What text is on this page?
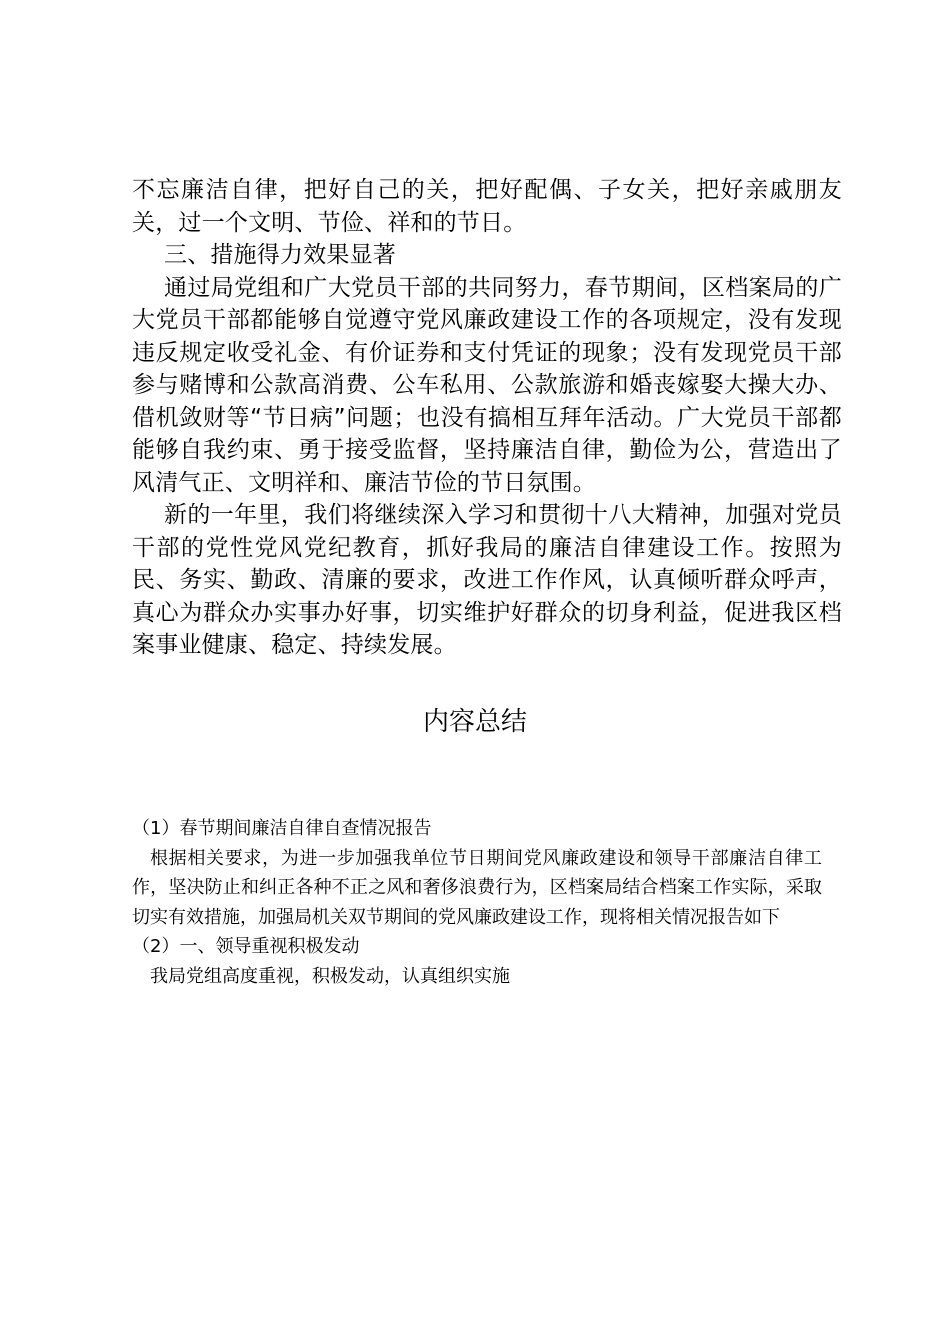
不忘廉洁自律，把好自己的关，把好配偶、子女关，把好亲戚朋友关，过一个文明、节俭、祥和的节日。

三、措施得力效果显著

通过局党组和广大党员干部的共同努力，春节期间，区档案局的广大党员干部都能够自觉遵守党风廉政建设工作的各项规定，没有发现违反规定收受礼金、有价证券和支付凭证的现象；没有发现党员干部参与赌博和公款高消费、公车私用、公款旅游和婚丧嫁娶大操大办、借机敛财等“节日病”问题；也没有搞相互拜年活动。广大党员干部都能够自我约束、勇于接受监督，坚持廉洁自律，勤俭为公，营造出了风清气正、文明祥和、廉洁节俭的节日氛围。

新的一年里，我们将继续深入学习和贯彻十八大精神，加强对党员干部的党性党风党纪教育，抓好我局的廉洁自律建设工作。按照为民、务实、勤政、清廉的要求，改进工作作风，认真倾听群众呼声，真心为群众办实事办好事，切实维护好群众的切身利益，促进我区档案事业健康、稳定、持续发展。

内容总结

（1）春节期间廉洁自律自查情况报告

根据相关要求，为进一步加强我单位节日期间党风廉政建设和领导干部廉洁自律工作，坚决防止和纠正各种不正之风和奢侈浪费行为，区档案局结合档案工作实际，采取切实有效措施，加强局机关双节期间的党风廉政建设工作，现将相关情况报告如下

（2）一、领导重视积极发动

我局党组高度重视，积极发动，认真组织实施
